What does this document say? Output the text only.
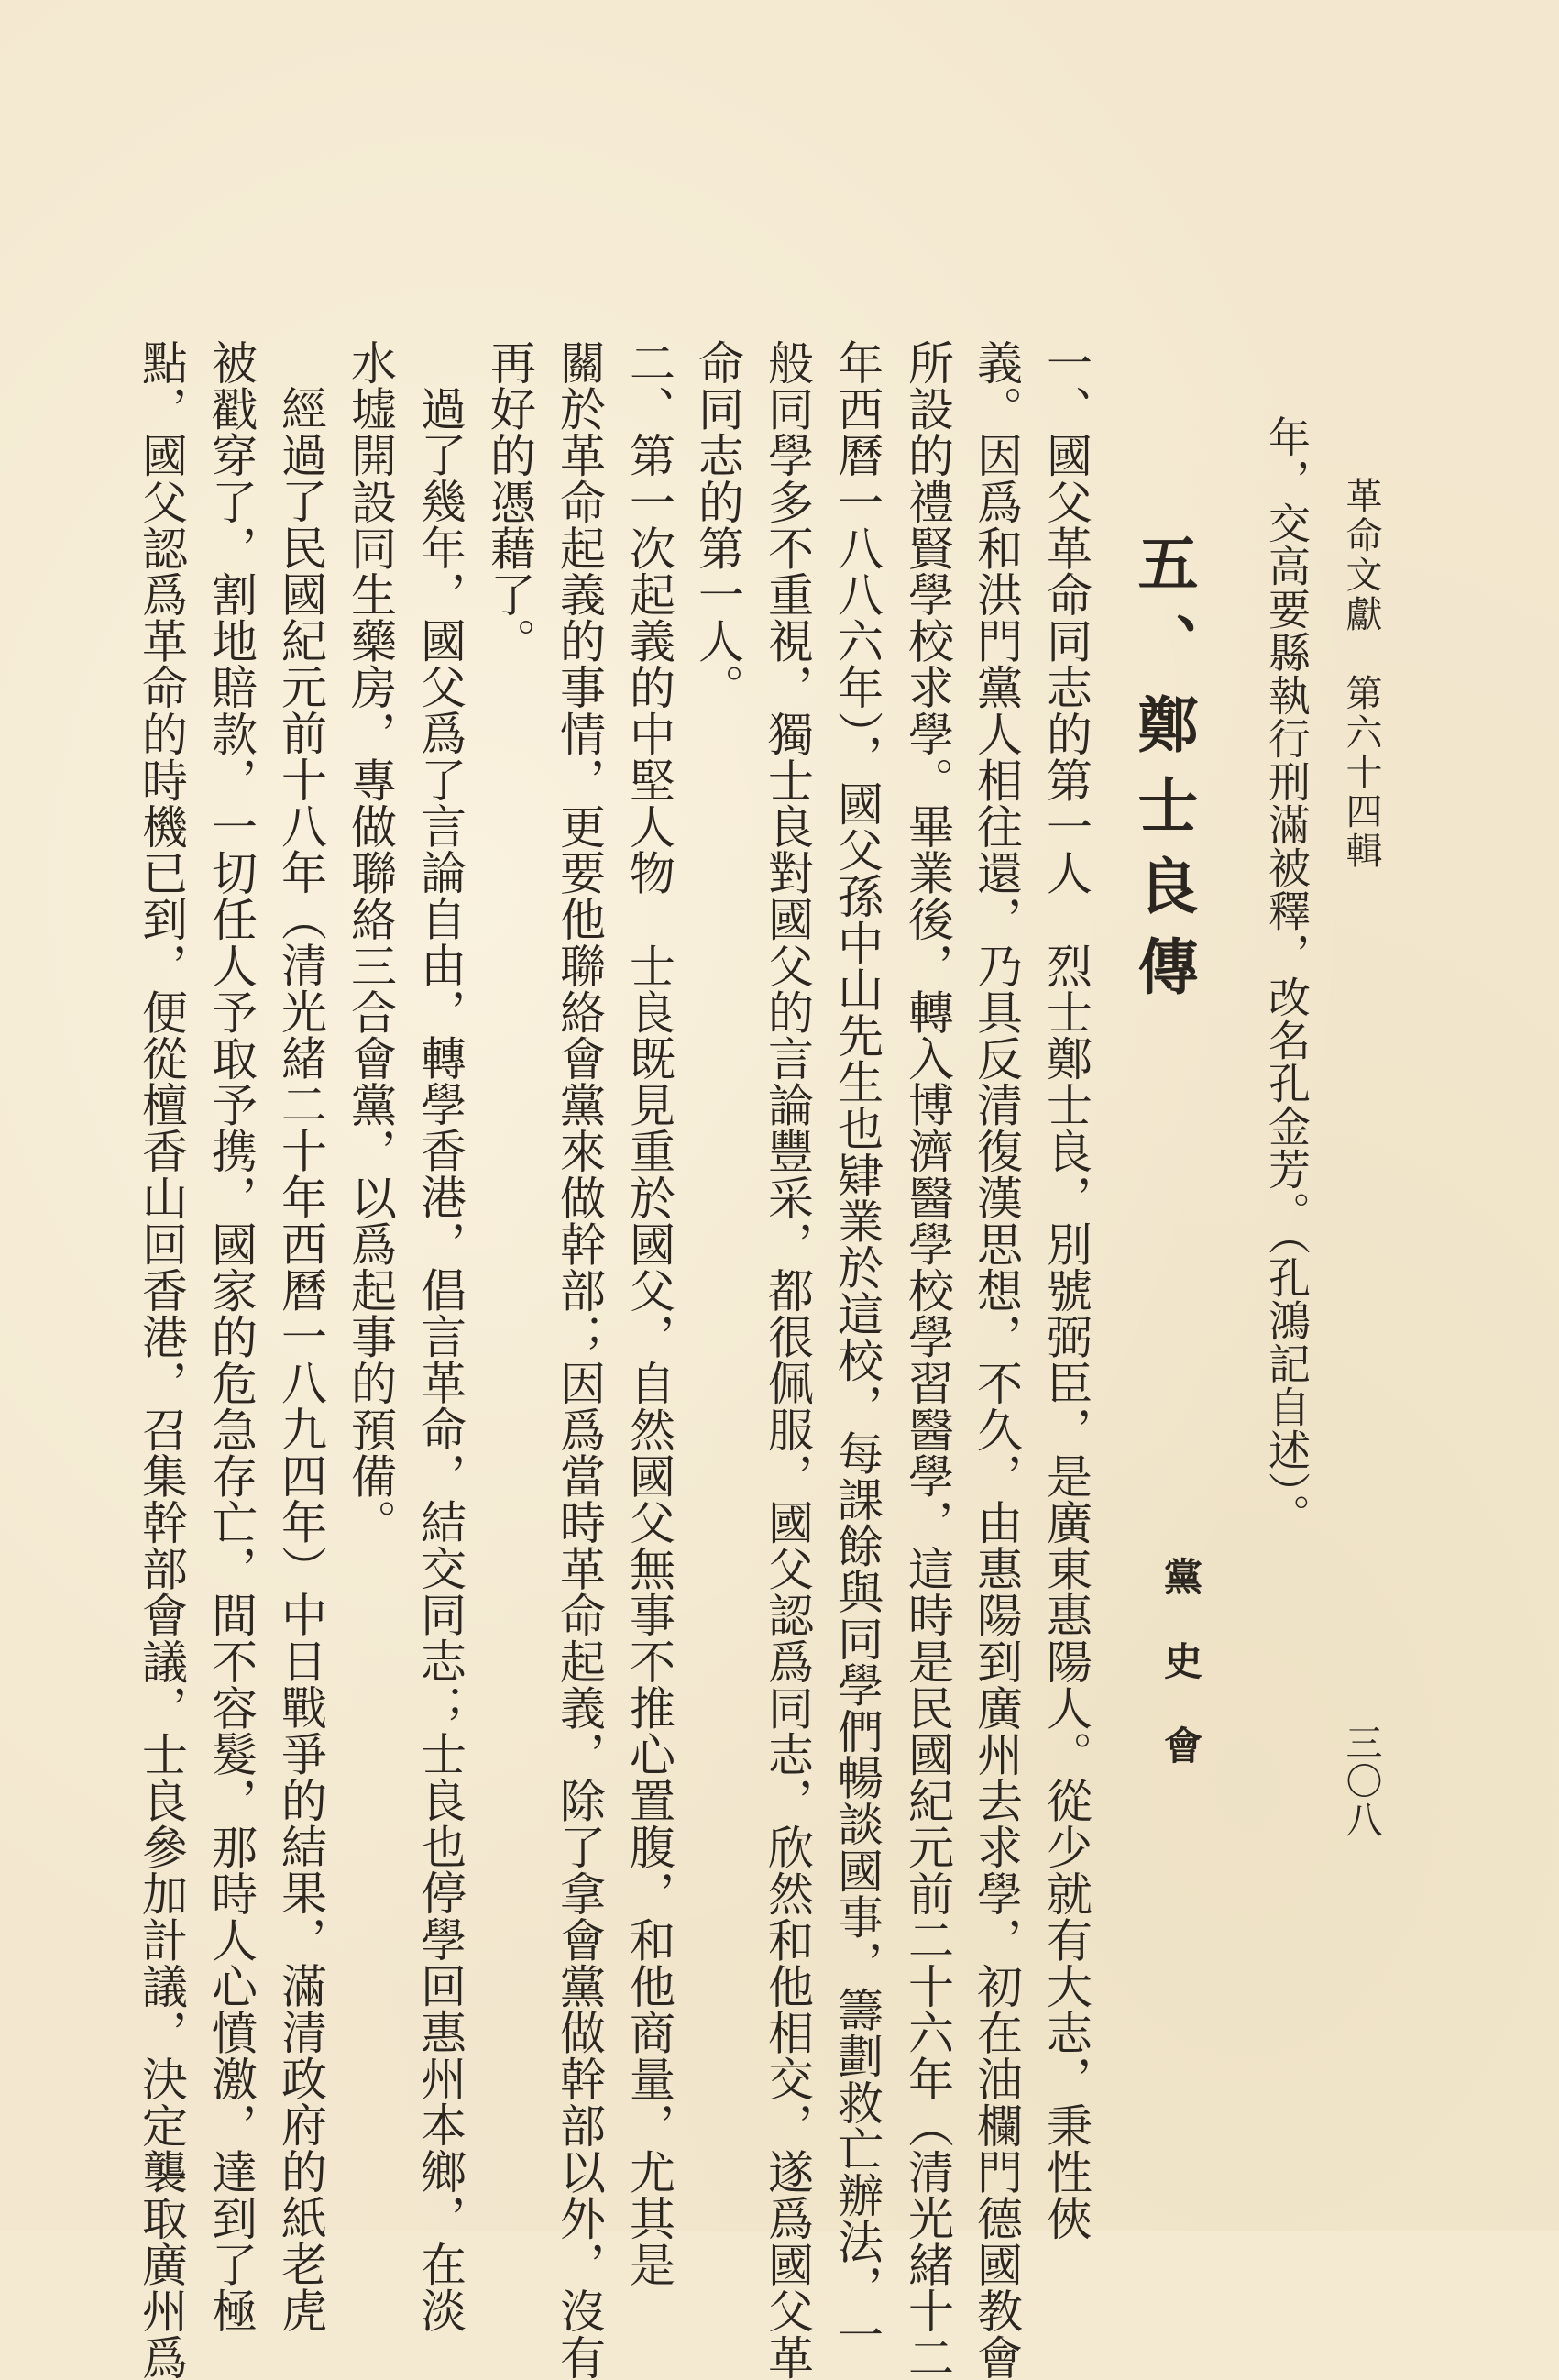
革命文獻　第六十四輯
三〇八
年，交高要縣執行刑滿被釋，改名孔金芳。（孔鴻記自述）。
五、鄭士良傳
黨
史
會
一、國父革命同志的第一人　烈士鄭士良，別號弼臣，是廣東惠陽人。從少就有大志，秉性俠
義。因爲和洪門黨人相往還，乃具反清復漢思想，不久，由惠陽到廣州去求學，初在油欄門德國教會
所設的禮賢學校求學。畢業後，轉入博濟醫學校學習醫學，這時是民國紀元前二十六年（清光緒十二
年西曆一八八六年），國父孫中山先生也肄業於這校，每課餘與同學們暢談國事，籌劃救亡辦法，一
般同學多不重視，獨士良對國父的言論豐采，都很佩服，國父認爲同志，欣然和他相交，遂爲國父革
命同志的第一人。
二、第一次起義的中堅人物　士良既見重於國父，自然國父無事不推心置腹，和他商量，尤其是
關於革命起義的事情，更要他聯絡會黨來做幹部；因爲當時革命起義，除了拿會黨做幹部以外，沒有
再好的憑藉了。
過了幾年，國父爲了言論自由，轉學香港，倡言革命，結交同志；士良也停學回惠州本鄉，在淡
水墟開設同生藥房，專做聯絡三合會黨，以爲起事的預備。
經過了民國紀元前十八年（清光緒二十年西曆一八九四年）中日戰爭的結果，滿清政府的紙老虎
被戳穿了，割地賠款，一切任人予取予携，國家的危急存亡，間不容髮，那時人心憤激，達到了極
點，國父認爲革命的時機已到，便從檀香山回香港，召集幹部會議，士良參加計議，決定襲取廣州爲
